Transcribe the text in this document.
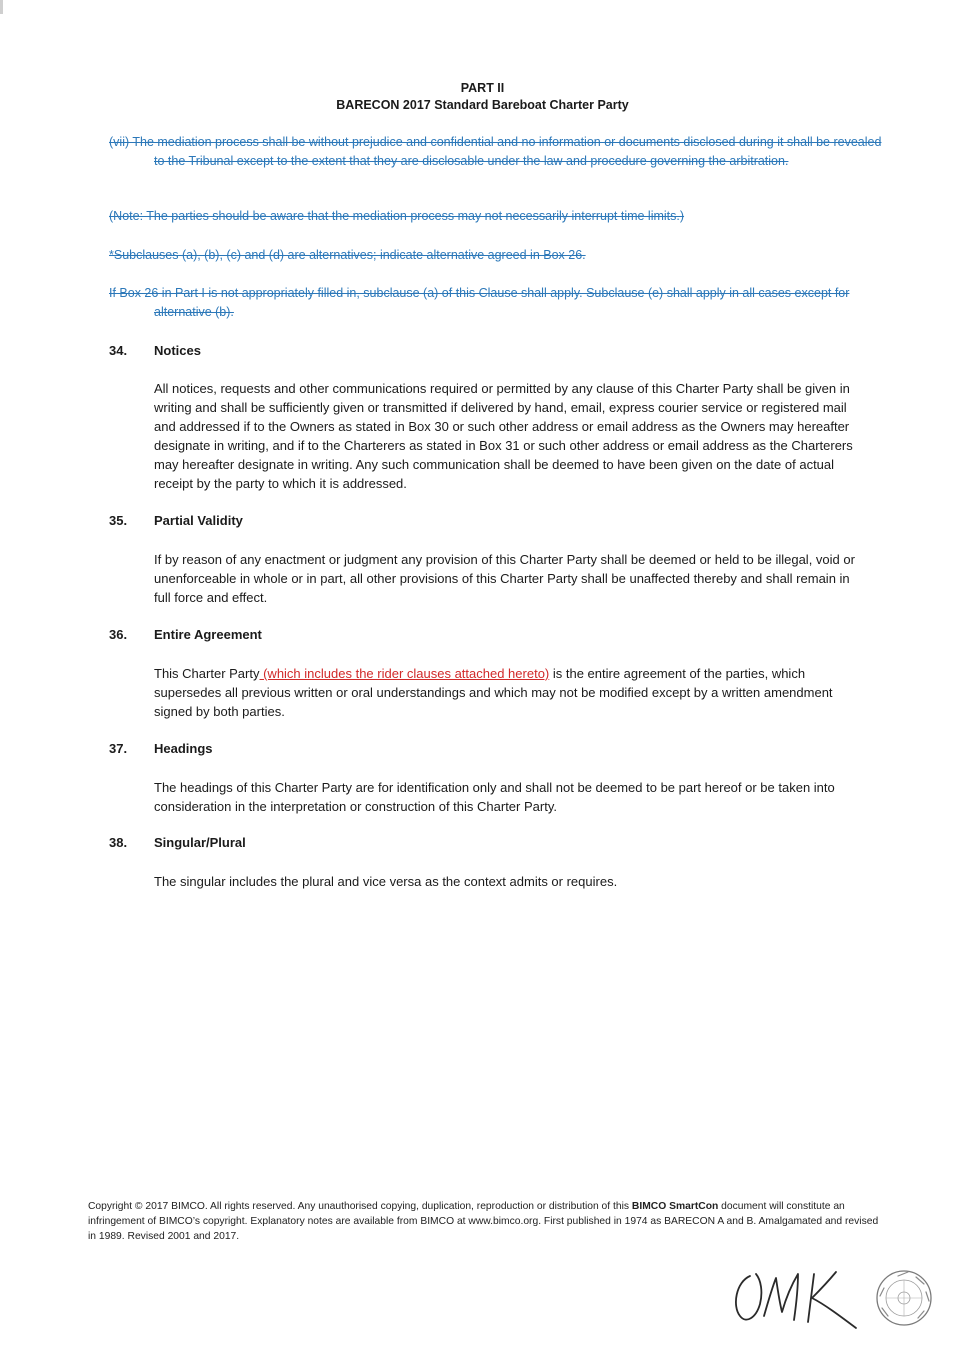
PART II
BARECON 2017 Standard Bareboat Charter Party
(vii) The mediation process shall be without prejudice and confidential and no information or documents disclosed during it shall be revealed to the Tribunal except to the extent that they are disclosable under the law and procedure governing the arbitration.
(Note: The parties should be aware that the mediation process may not necessarily interrupt time limits.)
*Subclauses (a), (b), (c) and (d) are alternatives; indicate alternative agreed in Box 26.
If Box 26 in Part I is not appropriately filled in, subclause (a) of this Clause shall apply. Subclause (e) shall apply in all cases except for alternative (b).
34. Notices
All notices, requests and other communications required or permitted by any clause of this Charter Party shall be given in writing and shall be sufficiently given or transmitted if delivered by hand, email, express courier service or registered mail and addressed if to the Owners as stated in Box 30 or such other address or email address as the Owners may hereafter designate in writing, and if to the Charterers as stated in Box 31 or such other address or email address as the Charterers may hereafter designate in writing. Any such communication shall be deemed to have been given on the date of actual receipt by the party to which it is addressed.
35. Partial Validity
If by reason of any enactment or judgment any provision of this Charter Party shall be deemed or held to be illegal, void or unenforceable in whole or in part, all other provisions of this Charter Party shall be unaffected thereby and shall remain in full force and effect.
36. Entire Agreement
This Charter Party (which includes the rider clauses attached hereto) is the entire agreement of the parties, which supersedes all previous written or oral understandings and which may not be modified except by a written amendment signed by both parties.
37. Headings
The headings of this Charter Party are for identification only and shall not be deemed to be part hereof or be taken into consideration in the interpretation or construction of this Charter Party.
38. Singular/Plural
The singular includes the plural and vice versa as the context admits or requires.
Copyright © 2017 BIMCO. All rights reserved. Any unauthorised copying, duplication, reproduction or distribution of this BIMCO SmartCon document will constitute an infringement of BIMCO’s copyright. Explanatory notes are available from BIMCO at www.bimco.org. First published in 1974 as BARECON A and B. Amalgamated and revised in 1989. Revised 2001 and 2017.
